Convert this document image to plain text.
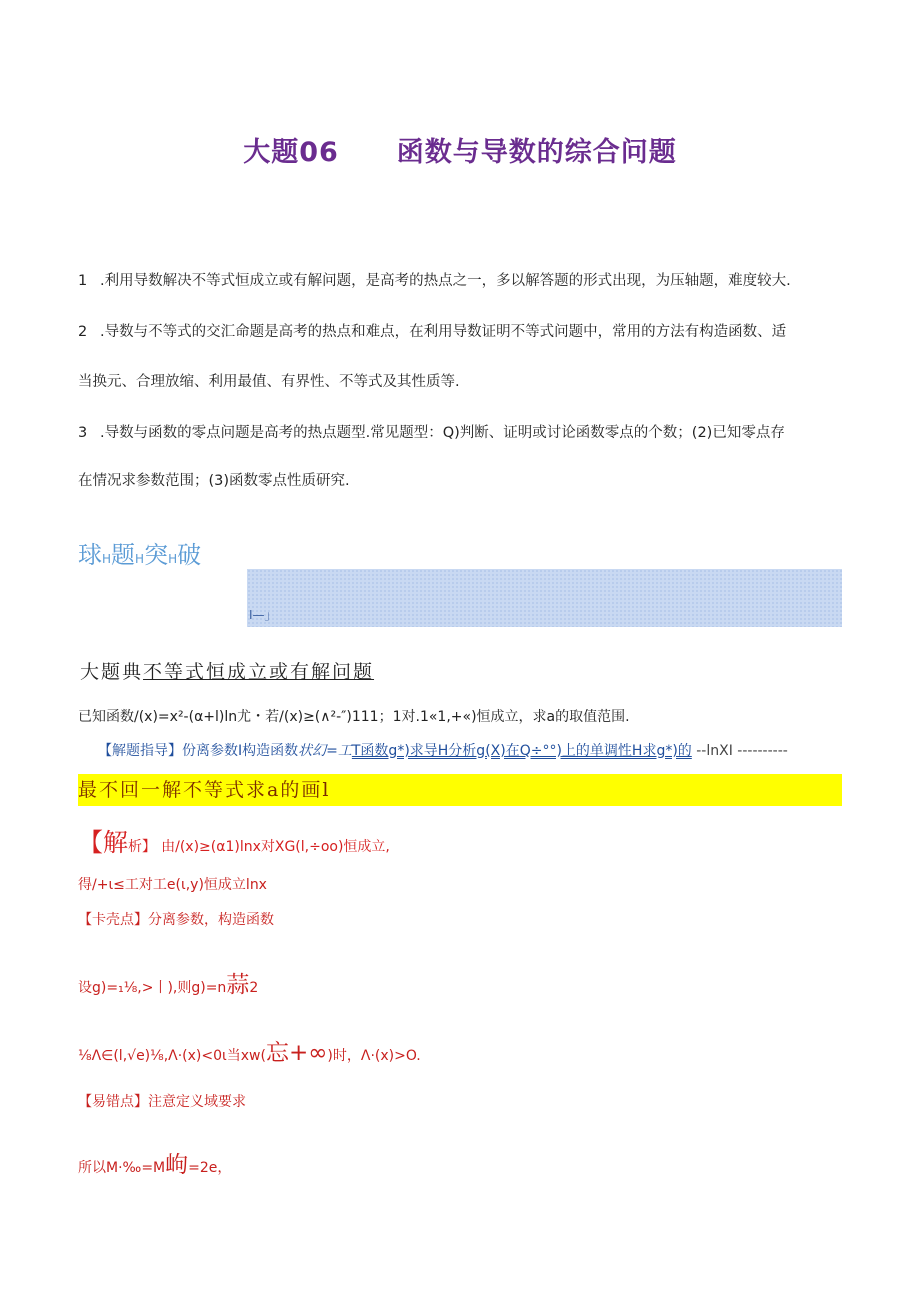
大题06 函数与导数的综合问题
1 .利用导数解决不等式恒成立或有解问题，是高考的热点之一，多以解答题的形式出现，为压轴题，难度较大.
2 .导数与不等式的交汇命题是高考的热点和难点，在利用导数证明不等式问题中，常用的方法有构造函数、适
当换元、合理放缩、利用最值、有界性、不等式及其性质等.
3 .导数与函数的零点问题是高考的热点题型.常见题型：Q)判断、证明或讨论函数零点的个数；(2)已知零点存
在情况求参数范围；(3)函数零点性质研究.
球H题H突H破
I—」
大题典不等式恒成立或有解问题
已知函数/(x)=x²-(α+l)ln尤・若/(x)≥(∧²-″)111；1对.1«1,+«)恒成立，求a的取值范围.
【解题指导】份离参数I构造函数状幻=工T函数g*)求导H分析g(X)在Q÷°°)上的单调性H求g*)的 --lnXI ----------
最不回一解不等式求a的画l
【解析】 由/(x)≥(α1)lnx对XG(l,÷oo)恒成立,
得/+ι≤工对工e(ι,y)恒成立lnx
【卡壳点】分离参数，构造函数
设g)=₁⅛,>丨),则g)=n蒜2
⅛Λ∈(l,√e)⅛,Λ·(x)<0ι当xw(忘+∞)时，Λ·(x)>O.
【易错点】注意定义域要求
所以M·‰=M岣=2e，
